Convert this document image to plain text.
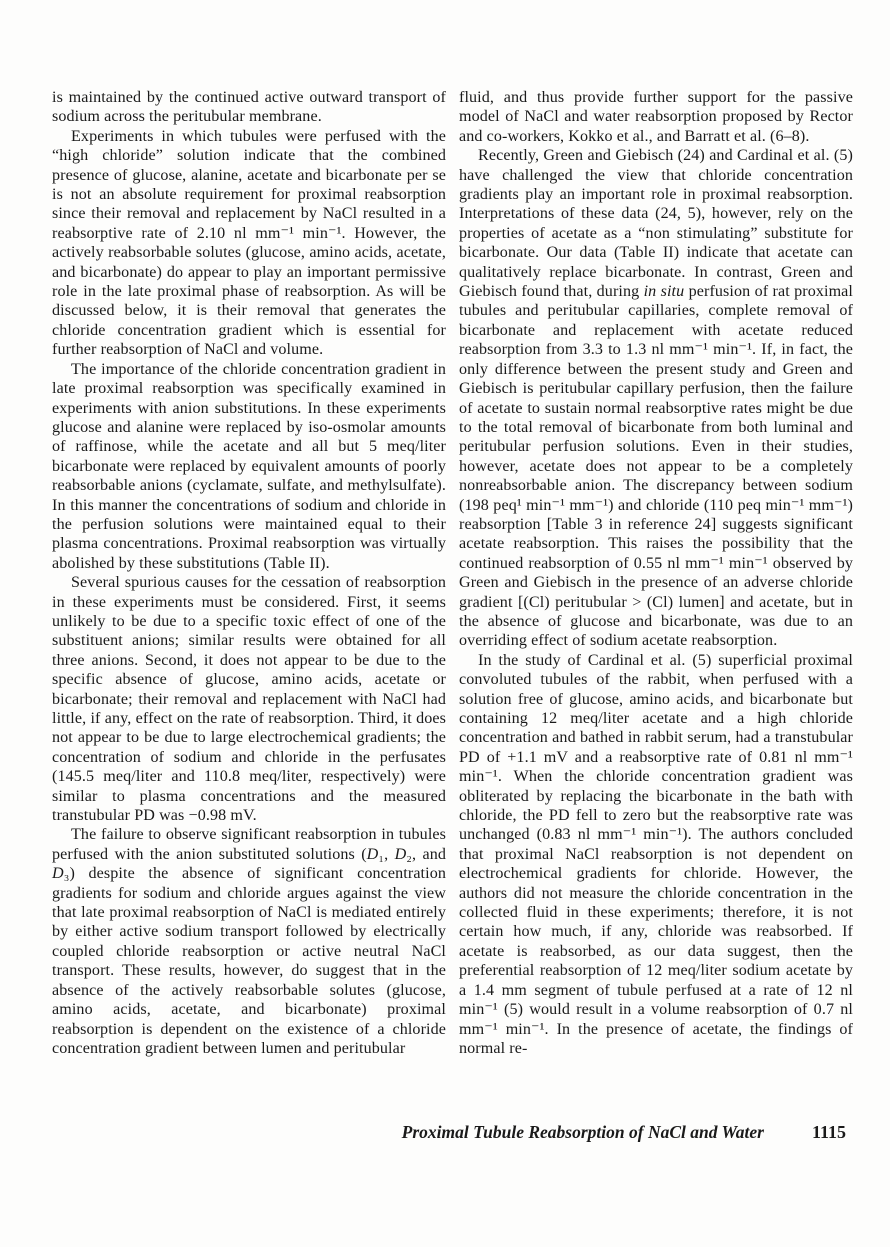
is maintained by the continued active outward transport of sodium across the peritubular membrane.

Experiments in which tubules were perfused with the “high chloride” solution indicate that the combined presence of glucose, alanine, acetate and bicarbonate per se is not an absolute requirement for proximal reabsorption since their removal and replacement by NaCl resulted in a reabsorptive rate of 2.10 nl mm⁻¹ min⁻¹. However, the actively reabsorbable solutes (glucose, amino acids, acetate, and bicarbonate) do appear to play an important permissive role in the late proximal phase of reabsorption. As will be discussed below, it is their removal that generates the chloride concentration gradient which is essential for further reabsorption of NaCl and volume.

The importance of the chloride concentration gradient in late proximal reabsorption was specifically examined in experiments with anion substitutions. In these experiments glucose and alanine were replaced by iso-osmolar amounts of raffinose, while the acetate and all but 5 meq/liter bicarbonate were replaced by equivalent amounts of poorly reabsorbable anions (cyclamate, sulfate, and methylsulfate). In this manner the concentrations of sodium and chloride in the perfusion solutions were maintained equal to their plasma concentrations. Proximal reabsorption was virtually abolished by these substitutions (Table II).

Several spurious causes for the cessation of reabsorption in these experiments must be considered. First, it seems unlikely to be due to a specific toxic effect of one of the substituent anions; similar results were obtained for all three anions. Second, it does not appear to be due to the specific absence of glucose, amino acids, acetate or bicarbonate; their removal and replacement with NaCl had little, if any, effect on the rate of reabsorption. Third, it does not appear to be due to large electrochemical gradients; the concentration of sodium and chloride in the perfusates (145.5 meq/liter and 110.8 meq/liter, respectively) were similar to plasma concentrations and the measured transtubular PD was −0.98 mV.

The failure to observe significant reabsorption in tubules perfused with the anion substituted solutions (D₁, D₂, and D₃) despite the absence of significant concentration gradients for sodium and chloride argues against the view that late proximal reabsorption of NaCl is mediated entirely by either active sodium transport followed by electrically coupled chloride reabsorption or active neutral NaCl transport. These results, however, do suggest that in the absence of the actively reabsorbable solutes (glucose, amino acids, acetate, and bicarbonate) proximal reabsorption is dependent on the existence of a chloride concentration gradient between lumen and peritubular

fluid, and thus provide further support for the passive model of NaCl and water reabsorption proposed by Rector and co-workers, Kokko et al., and Barratt et al. (6–8).

Recently, Green and Giebisch (24) and Cardinal et al. (5) have challenged the view that chloride concentration gradients play an important role in proximal reabsorption. Interpretations of these data (24, 5), however, rely on the properties of acetate as a “non stimulating” substitute for bicarbonate. Our data (Table II) indicate that acetate can qualitatively replace bicarbonate. In contrast, Green and Giebisch found that, during in situ perfusion of rat proximal tubules and peritubular capillaries, complete removal of bicarbonate and replacement with acetate reduced reabsorption from 3.3 to 1.3 nl mm⁻¹ min⁻¹. If, in fact, the only difference between the present study and Green and Giebisch is peritubular capillary perfusion, then the failure of acetate to sustain normal reabsorptive rates might be due to the total removal of bicarbonate from both luminal and peritubular perfusion solutions. Even in their studies, however, acetate does not appear to be a completely nonreabsorbable anion. The discrepancy between sodium (198 peq¹ min⁻¹ mm⁻¹) and chloride (110 peq min⁻¹ mm⁻¹) reabsorption [Table 3 in reference 24] suggests significant acetate reabsorption. This raises the possibility that the continued reabsorption of 0.55 nl mm⁻¹ min⁻¹ observed by Green and Giebisch in the presence of an adverse chloride gradient [(Cl) peritubular > (Cl) lumen] and acetate, but in the absence of glucose and bicarbonate, was due to an overriding effect of sodium acetate reabsorption.

In the study of Cardinal et al. (5) superficial proximal convoluted tubules of the rabbit, when perfused with a solution free of glucose, amino acids, and bicarbonate but containing 12 meq/liter acetate and a high chloride concentration and bathed in rabbit serum, had a transtubular PD of +1.1 mV and a reabsorptive rate of 0.81 nl mm⁻¹ min⁻¹. When the chloride concentration gradient was obliterated by replacing the bicarbonate in the bath with chloride, the PD fell to zero but the reabsorptive rate was unchanged (0.83 nl mm⁻¹ min⁻¹). The authors concluded that proximal NaCl reabsorption is not dependent on electrochemical gradients for chloride. However, the authors did not measure the chloride concentration in the collected fluid in these experiments; therefore, it is not certain how much, if any, chloride was reabsorbed. If acetate is reabsorbed, as our data suggest, then the preferential reabsorption of 12 meq/liter sodium acetate by a 1.4 mm segment of tubule perfused at a rate of 12 nl min⁻¹ (5) would result in a volume reabsorption of 0.7 nl mm⁻¹ min⁻¹. In the presence of acetate, the findings of normal re-

Proximal Tubule Reabsorption of NaCl and Water	1115
